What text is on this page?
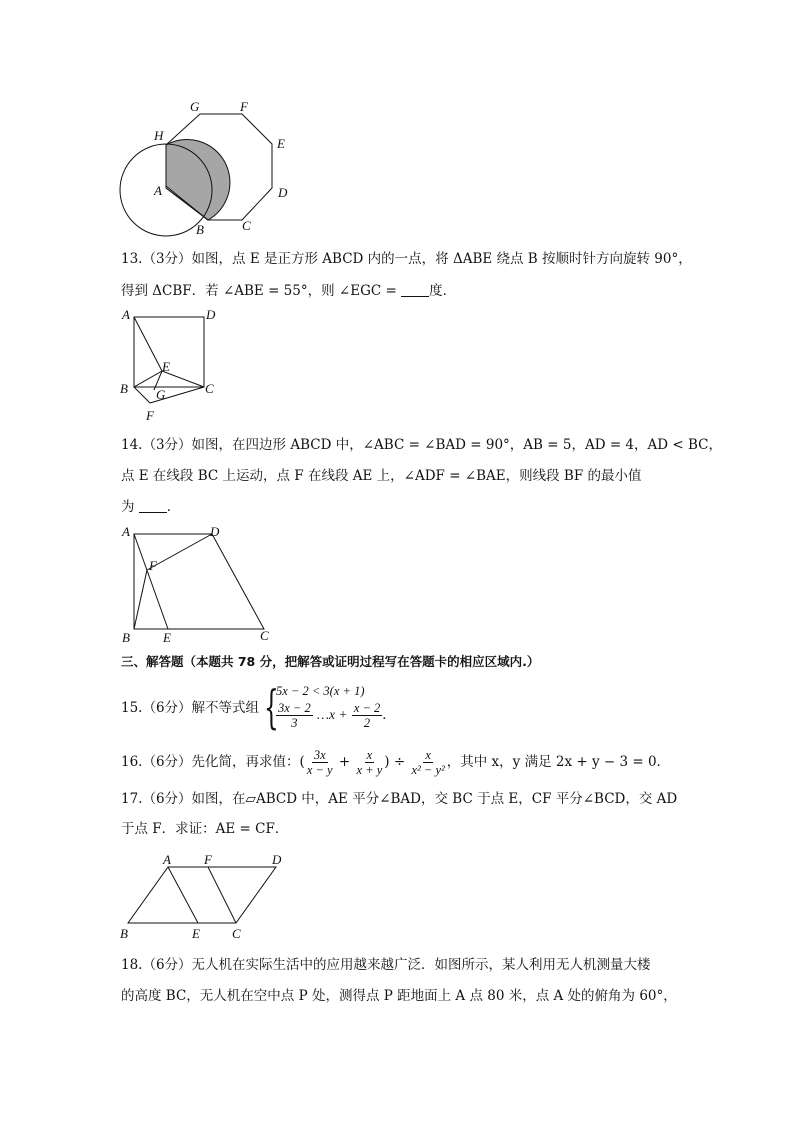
G	F
H
E
A	D
B	C
13.（3分）如图，点 E 是正方形 ABCD 内的一点，将 ΔABE 绕点 B 按顺时针方向旋转 90°，
得到 ΔCBF．若 ∠ABE = 55°，则 ∠EGC = 度．
A	D
E
B G	C
F
14.（3分）如图，在四边形 ABCD 中，∠ABC = ∠BAD = 90°，AB = 5，AD = 4，AD < BC，
点 E 在线段 BC 上运动，点 F 在线段 AE 上，∠ADF = ∠BAE，则线段 BF 的最小值
为 ．
A	D
F
B	E	C
三、解答题（本题共 78 分，把解答或证明过程写在答题卡的相应区域内.）
15.（6分）解不等式组 {
5x − 2 < 3(x + 1)
$\frac{3x - 2}{3}$ …x + $\frac{x - 2}{2}$ ．
16.（6分）先化简，再求值：( $\frac{3x}{x - y} + \frac{x}{x + y}$ ) ÷ $\frac{x}{\text{x² − y²}}$ ，其中 x，y 满足 2x + y − 3 = 0．
17.（6分）如图，在▱ABCD 中，AE 平分∠BAD，交 BC 于点 E，CF 平分∠BCD，交 AD
于点 F．求证：AE = CF．
A	F	D
B	E C
18.（6分）无人机在实际生活中的应用越来越广泛．如图所示，某人利用无人机测量大楼
的高度 BC，无人机在空中点 P 处，测得点 P 距地面上 A 点 80 米，点 A 处的俯角为 60°，
